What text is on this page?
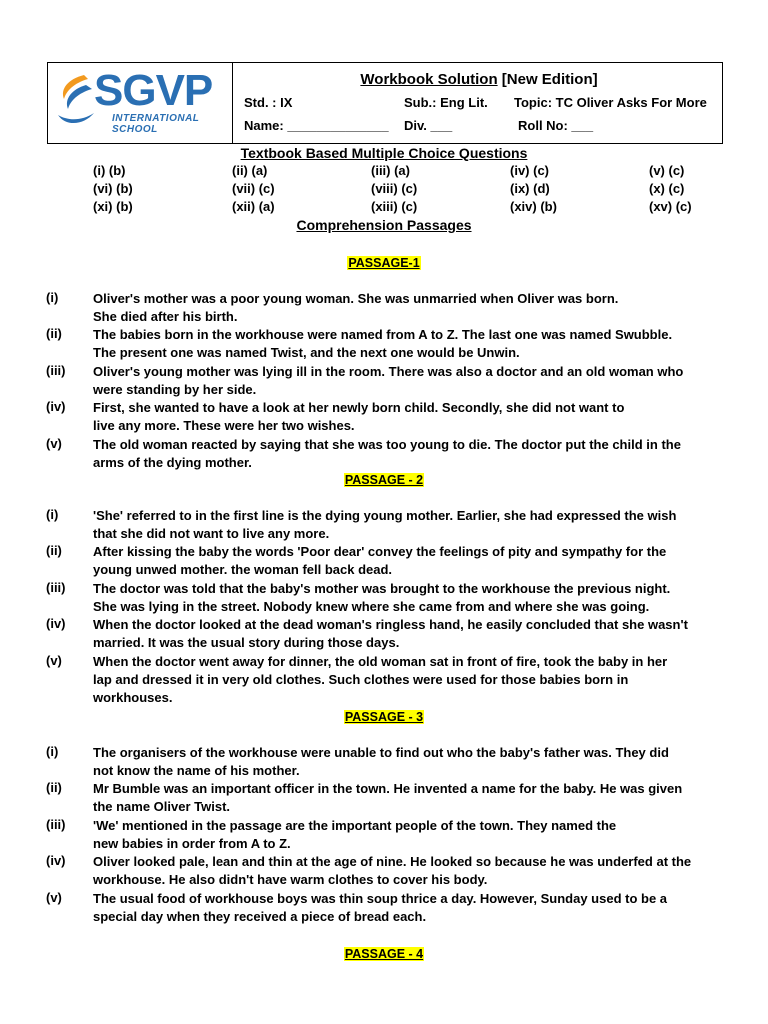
SGVP
INTERNATIONAL SCHOOL
Workbook Solution [New Edition]
Std. : IX	Sub.: Eng Lit. Topic: TC Oliver Asks For More
Name: ______________ Div. ___	Roll No: ___
Textbook Based Multiple Choice Questions
(i) (b)	(ii) (a)	(iii) (a)	(iv) (c)	(v) (c)
(vi) (b)	(vii) (c)	(viii) (c)	(ix) (d)	(x) (c)
(xi) (b)	(xii) (a)	(xiii) (c)	(xiv) (b)	(xv) (c)
Comprehension Passages
PASSAGE-1
(i)	Oliver's mother was a poor young woman. She was unmarried when Oliver was born.
She died after his birth.
(ii) The babies born in the workhouse were named from A to Z. The last one was named Swubble.
The present one was named Twist, and the next one would be Unwin.
(iii) Oliver's young mother was lying ill in the room. There was also a doctor and an old woman who
were standing by her side.
(iv) First, she wanted to have a look at her newly born child. Secondly, she did not want to
live any more. These were her two wishes.
(v) The old woman reacted by saying that she was too young to die. The doctor put the child in the
arms of the dying mother.
PASSAGE - 2
(i)	'She' referred to in the first line is the dying young mother. Earlier, she had expressed the wish
that she did not want to live any more.
(ii) After kissing the baby the words 'Poor dear' convey the feelings of pity and sympathy for the
young unwed mother. the woman fell back dead.
(iii) The doctor was told that the baby's mother was brought to the workhouse the previous night.
She was lying in the street. Nobody knew where she came from and where she was going.
(iv) When the doctor looked at the dead woman's ringless hand, he easily concluded that she wasn't
married. It was the usual story during those days.
(v) When the doctor went away for dinner, the old woman sat in front of fire, took the baby in her
lap and dressed it in very old clothes. Such clothes were used for those babies born in
workhouses.
PASSAGE - 3
(i)	The organisers of the workhouse were unable to find out who the baby's father was. They did
not know the name of his mother.
(ii) Mr Bumble was an important officer in the town. He invented a name for the baby. He was given
the name Oliver Twist.
(iii) 'We' mentioned in the passage are the important people of the town. They named the
new babies in order from A to Z.
(iv) Oliver looked pale, lean and thin at the age of nine. He looked so because he was underfed at the
workhouse. He also didn't have warm clothes to cover his body.
(v) The usual food of workhouse boys was thin soup thrice a day. However, Sunday used to be a
special day when they received a piece of bread each.
PASSAGE - 4
